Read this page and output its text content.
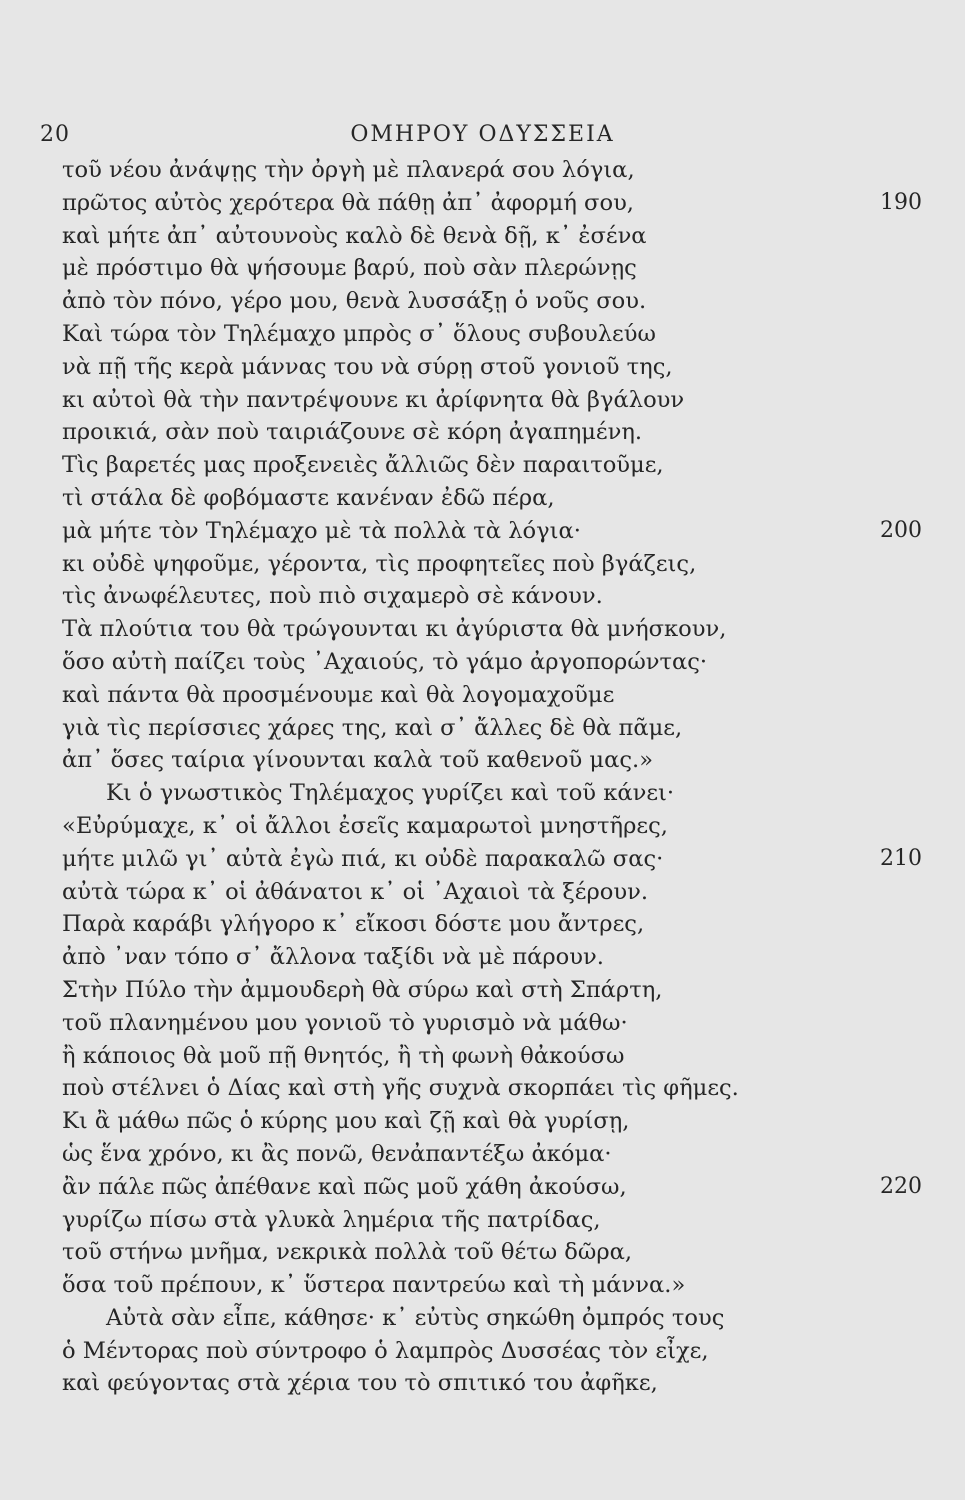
20	ΟΜΗΡΟΥ ΟΔΥΣΣΕΙΑ
τοῦ νέου ἀνάψῃς τὴν ὀργὴ μὲ πλανερά σου λόγια,
πρῶτος αὐτὸς χερότερα θὰ πάθῃ ἀπ᾽ ἀφορμή σου,	190
καὶ μήτε ἀπ᾽ αὐτουνοὺς καλὸ δὲ θενὰ δῇ, κ᾽ ἐσένα
μὲ πρόστιμο θὰ ψήσουμε βαρύ, ποὺ σὰν πλερώνῃς
ἀπὸ τὸν πόνο, γέρο μου, θενὰ λυσσάξῃ ὁ νοῦς σου.
Καὶ τώρα τὸν Τηλέμαχο μπρὸς σ᾽ ὅλους συβουλεύω
νὰ πῇ τῆς κερὰ μάννας του νὰ σύρῃ στοῦ γονιοῦ της,
κι αὐτοὶ θὰ τὴν παντρέψουνε κι ἀρίφνητα θὰ βγάλουν
προικιά, σὰν ποὺ ταιριάζουνε σὲ κόρη ἀγαπημένη.
Τὶς βαρετές μας προξενειὲς ἄλλιῶς δὲν παραιτοῦμε,
τὶ στάλα δὲ φοβόμαστε κανέναν ἐδῶ πέρα,
μὰ μήτε τὸν Τηλέμαχο μὲ τὰ πολλὰ τὰ λόγια·	200
κι οὐδὲ ψηφοῦμε, γέροντα, τὶς προφητεῖες ποὺ βγάζεις,
τὶς ἀνωφέλευτες, ποὺ πιὸ σιχαμερὸ σὲ κάνουν.
Τὰ πλούτια του θὰ τρώγουνται κι ἀγύριστα θὰ μνήσκουν,
ὅσο αὐτὴ παίζει τοὺς ᾿Αχαιούς, τὸ γάμο ἀργοπορώντας·
καὶ πάντα θὰ προσμένουμε καὶ θὰ λογομαχοῦμε
γιὰ τὶς περίσσιες χάρες της, καὶ σ᾽ ἄλλες δὲ θὰ πᾶμε,
ἀπ᾽ ὅσες ταίρια γίνουνται καλὰ τοῦ καθενοῦ μας.»
Κι ὁ γνωστικὸς Τηλέμαχος γυρίζει καὶ τοῦ κάνει·
«Εὐρύμαχε, κ᾽ οἱ ἄλλοι ἐσεῖς καμαρωτοὶ μνηστῆρες,
μήτε μιλῶ γι᾽ αὐτὰ ἐγὼ πιά, κι οὐδὲ παρακαλῶ σας·	210
αὐτὰ τώρα κ᾽ οἱ ἀθάνατοι κ᾽ οἱ ᾿Αχαιοὶ τὰ ξέρουν.
Παρὰ καράβι γλήγορο κ᾽ εἴκοσι δόστε μου ἄντρες,
ἀπὸ ᾿ναν τόπο σ᾽ ἄλλονα ταξίδι νὰ μὲ πάρουν.
Στὴν Πύλο τὴν ἀμμουδερὴ θὰ σύρω καὶ στὴ Σπάρτη,
τοῦ πλανημένου μου γονιοῦ τὸ γυρισμὸ νὰ μάθω·
ἢ κάποιος θὰ μοῦ πῇ θνητός, ἢ τὴ φωνὴ θἀκούσω
ποὺ στέλνει ὁ Δίας καὶ στὴ γῆς συχνὰ σκορπάει τὶς φῆμες.
Κι ἂ μάθω πῶς ὁ κύρης μου καὶ ζῇ καὶ θὰ γυρίσῃ,
ὡς ἕνα χρόνο, κι ἂς πονῶ, θενἀπαντέξω ἀκόμα·
ἂν πάλε πῶς ἀπέθανε καὶ πῶς μοῦ χάθη ἀκούσω,	220
γυρίζω πίσω στὰ γλυκὰ λημέρια τῆς πατρίδας,
τοῦ στήνω μνῆμα, νεκρικὰ πολλὰ τοῦ θέτω δῶρα,
ὅσα τοῦ πρέπουν, κ᾽ ὕστερα παντρεύω καὶ τὴ μάννα.»
Αὐτὰ σὰν εἶπε, κάθησε· κ᾽ εὐτὺς σηκώθη ὀμπρός τους
ὁ Μέντορας ποὺ σύντροφο ὁ λαμπρὸς Δυσσέας τὸν εἶχε,
καὶ φεύγοντας στὰ χέρια του τὸ σπιτικό του ἀφῆκε,
